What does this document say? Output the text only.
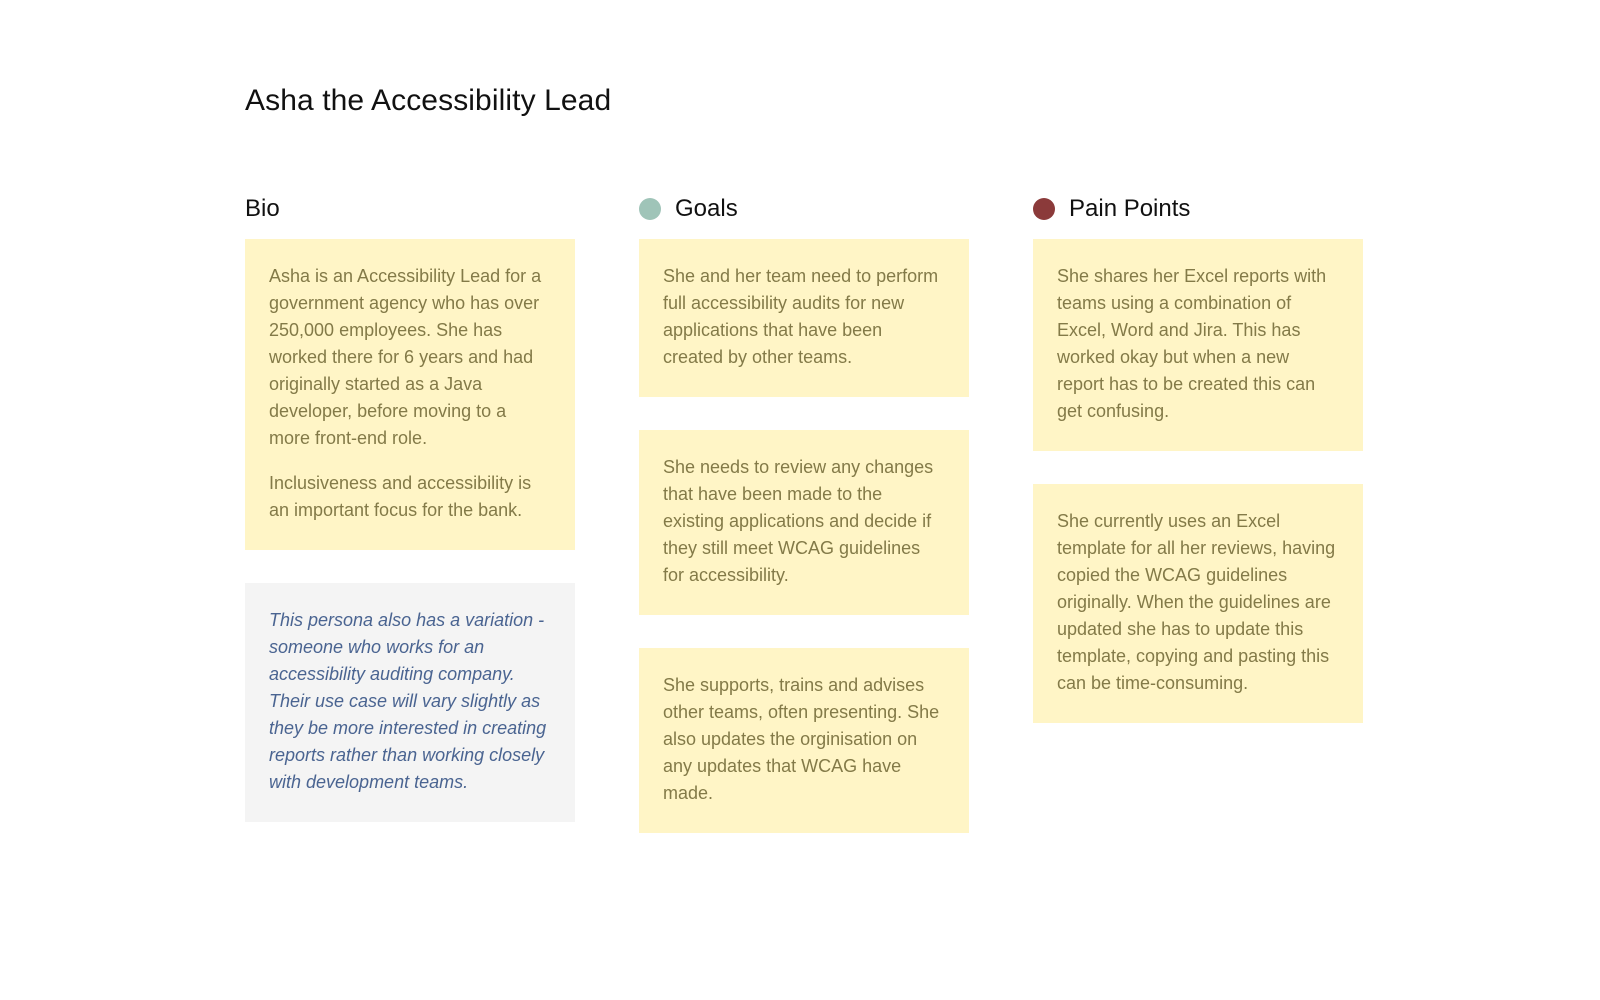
Asha the Accessibility Lead
Bio

Asha is an Accessibility Lead for a government agency who has over 250,000 employees. She has worked there for 6 years and had originally started as a Java developer, before moving to a more front-end role.

Inclusiveness and accessibility is an important focus for the bank.

This persona also has a variation - someone who works for an accessibility auditing company. Their use case will vary slightly as they be more interested in creating reports rather than working closely with development teams.

Goals

She and her team need to perform full accessibility audits for new applications that have been created by other teams.

She needs to review any changes that have been made to the existing applications and decide if they still meet WCAG guidelines for accessibility.

She supports, trains and advises other teams, often presenting. She also updates the orginisation on any updates that WCAG have made.

Pain Points

She shares her Excel reports with teams using a combination of Excel, Word and Jira. This has worked okay but when a new report has to be created this can get confusing.

She currently uses an Excel template for all her reviews, having copied the WCAG guidelines originally. When the guidelines are updated she has to update this template, copying and pasting this can be time-consuming.
